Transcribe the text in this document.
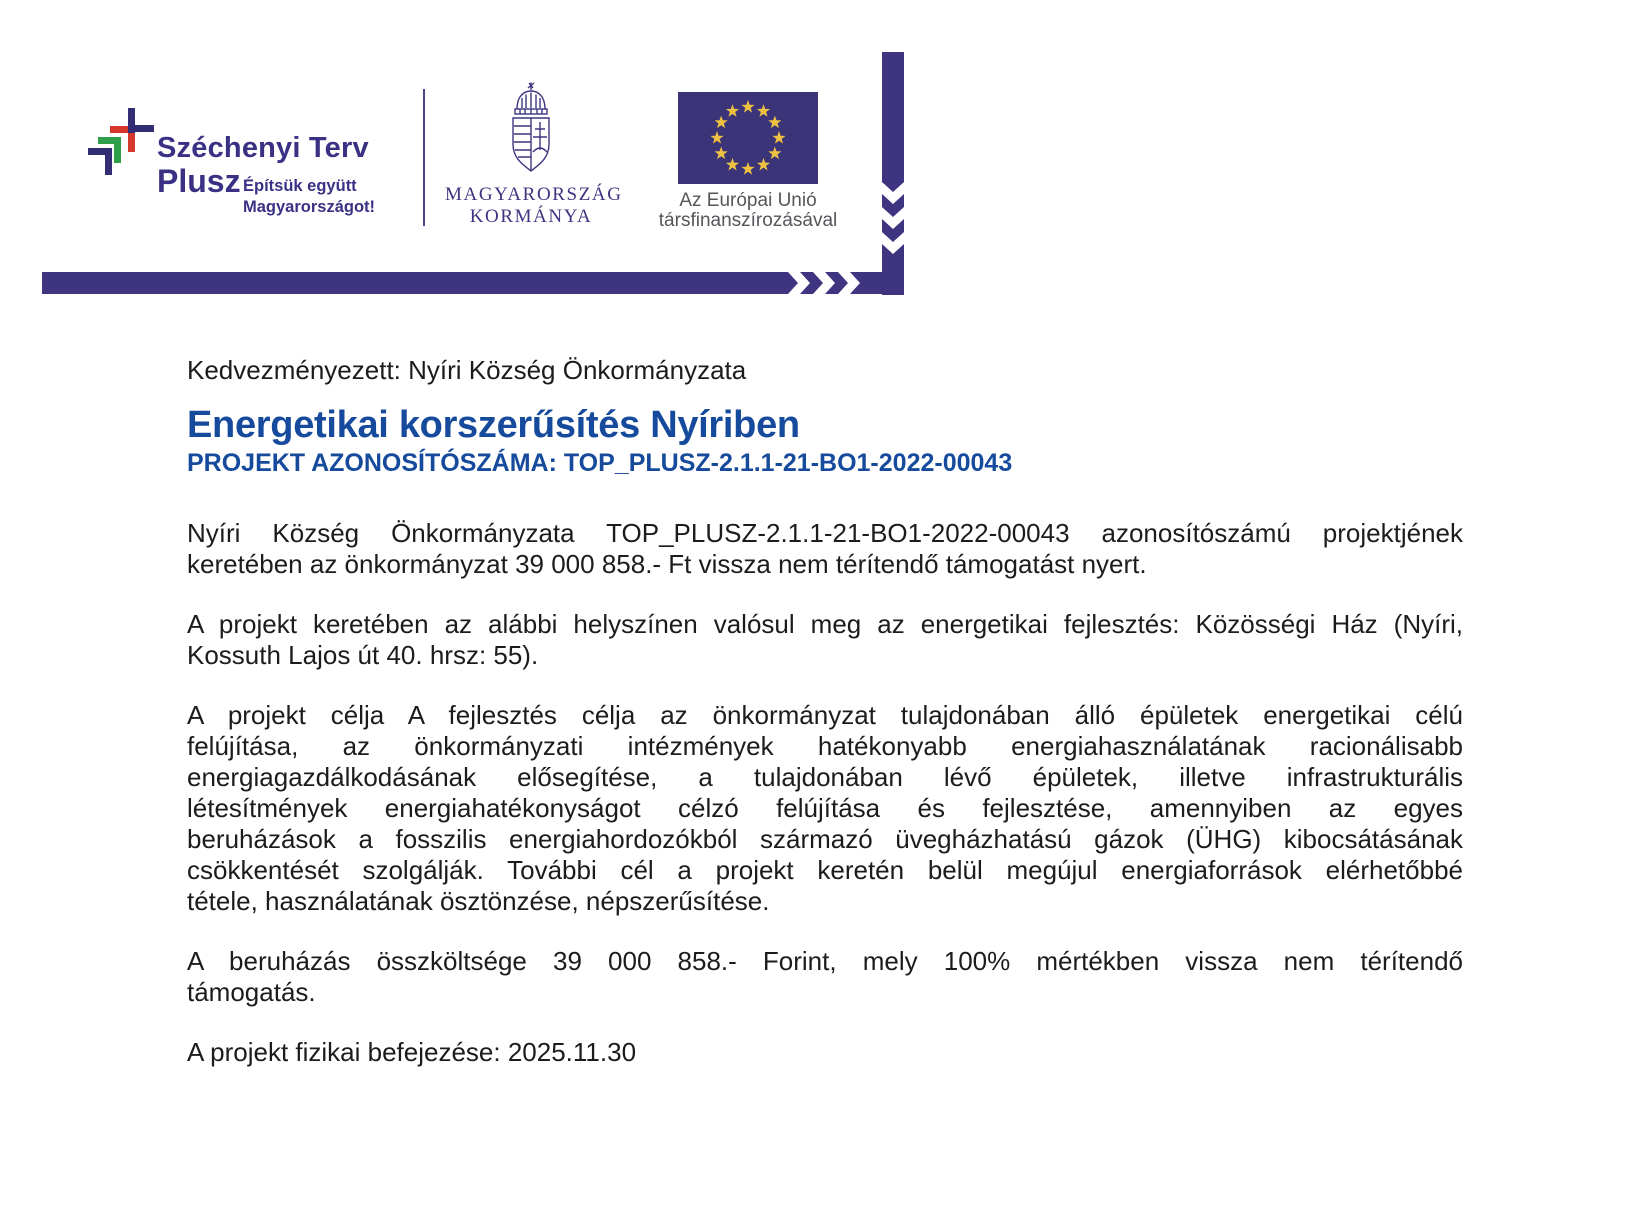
Széchenyi Terv
Plusz Építsük együtt
Magyarországot!
MAGYARORSZÁG
KORMÁNYA
Az Európai Unió
társfinanszírozásával
Kedvezményezett: Nyíri Község Önkormányzata
Energetikai korszerűsítés Nyíriben
PROJEKT AZONOSÍTÓSZÁMA: TOP_PLUSZ-2.1.1-21-BO1-2022-00043
Nyíri Község Önkormányzata TOP_PLUSZ-2.1.1-21-BO1-2022-00043 azonosítószámú projektjének
keretében az önkormányzat 39 000 858.- Ft vissza nem térítendő támogatást nyert.
A projekt keretében az alábbi helyszínen valósul meg az energetikai fejlesztés: Közösségi Ház (Nyíri,
Kossuth Lajos út 40. hrsz: 55).
A projekt célja A fejlesztés célja az önkormányzat tulajdonában álló épületek energetikai célú
felújítása, az önkormányzati intézmények hatékonyabb energiahasználatának racionálisabb
energiagazdálkodásának elősegítése, a tulajdonában lévő épületek, illetve infrastrukturális
létesítmények energiahatékonyságot célzó felújítása és fejlesztése, amennyiben az egyes
beruházások a fosszilis energiahordozókból származó üvegházhatású gázok (ÜHG) kibocsátásának
csökkentését szolgálják. További cél a projekt keretén belül megújul energiaforrások elérhetőbbé
tétele, használatának ösztönzése, népszerűsítése.
A beruházás összköltsége 39 000 858.- Forint, mely 100% mértékben vissza nem térítendő
támogatás.
A projekt fizikai befejezése: 2025.11.30
